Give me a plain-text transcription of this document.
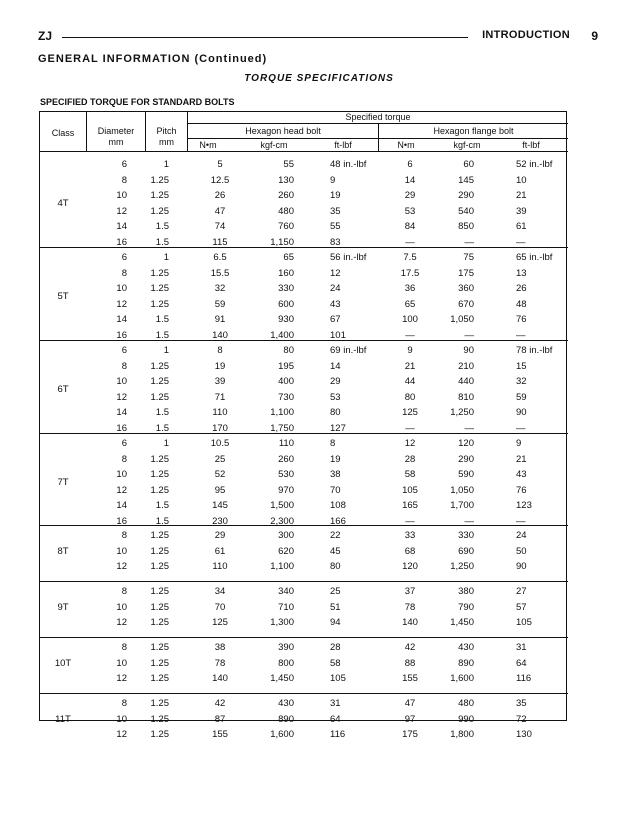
ZJ	INTRODUCTION 9
GENERAL INFORMATION (Continued)
TORQUE SPECIFICATIONS
SPECIFIED TORQUE FOR STANDARD BOLTS
Class	Diameter
mm
Pitch
mm
Specified torque
Hexagon head bolt	Hexagon flange bolt
N•m	kgf-cm	ft-lbf	N•m	kgf-cm	ft-lbf
4T
6	1	5	55	48 in.-lbf	6	60	52 in.-lbf
8	1.25	12.5	130	9	14	145	10
10	1.25	26	260	19	29	290	21
12	1.25	47	480	35	53	540	39
14	1.5	74	760	55	84	850	61
16	1.5	115	1,150	83	—	—	—
5T
6	1	6.5	65	56 in.-lbf	7.5	75	65 in.-lbf
8	1.25	15.5	160	12	17.5	175	13
10	1.25	32	330	24	36	360	26
12	1.25	59	600	43	65	670	48
14	1.5	91	930	67	100	1,050	76
16	1.5	140	1,400	101	—	—	—
6T
6	1	8	80	69 in.-lbf	9	90	78 in.-lbf
8	1.25	19	195	14	21	210	15
10	1.25	39	400	29	44	440	32
12	1.25	71	730	53	80	810	59
14	1.5	110	1,100	80	125	1,250	90
16	1.5	170	1,750	127	—	—	—
7T
6	1	10.5	110	8	12	120	9
8	1.25	25	260	19	28	290	21
10	1.25	52	530	38	58	590	43
12	1.25	95	970	70	105	1,050	76
14	1.5	145	1,500	108	165	1,700	123
16	1.5	230	2,300	166	—	—	—
8T
8	1.25	29	300	22	33	330	24
10	1.25	61	620	45	68	690	50
12	1.25	110	1,100	80	120	1,250	90
9T
8	1.25	34	340	25	37	380	27
10	1.25	70	710	51	78	790	57
12	1.25	125	1,300	94	140	1,450	105
10T
8	1.25	38	390	28	42	430	31
10	1.25	78	800	58	88	890	64
12	1.25	140	1,450	105	155	1,600	116
11T
8	1.25	42	430	31	47	480	35
10	1.25	87	890	64	97	990	72
12	1.25	155	1,600	116	175	1,800	130
